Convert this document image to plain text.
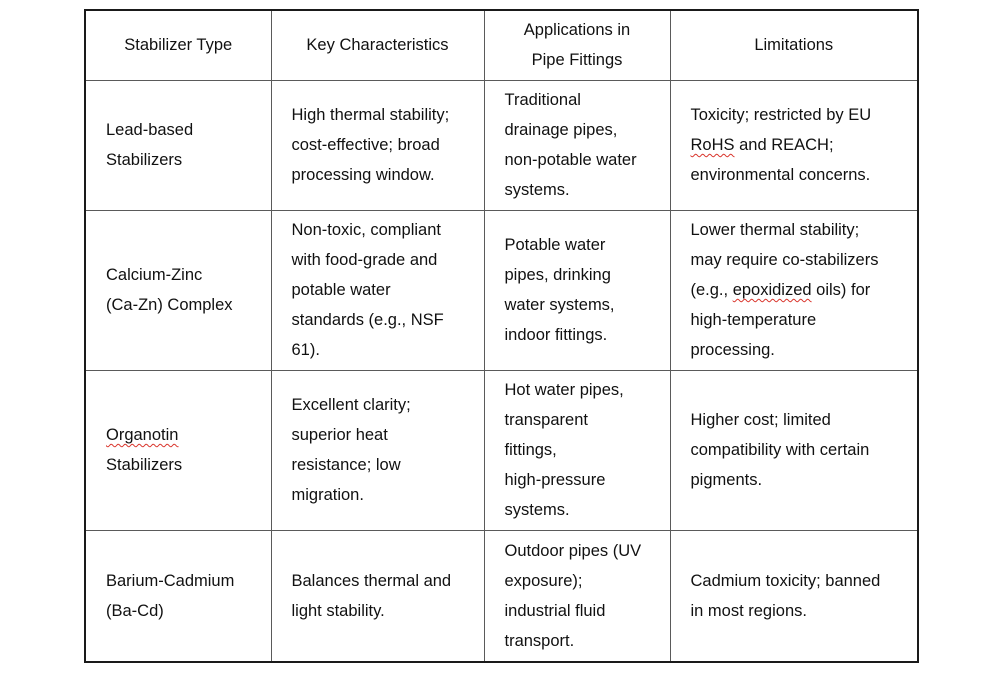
Stabilizer Type	Key Characteristics	Applications in
Pipe Fittings	Limitations

Lead-based
Stabilizers	High thermal stability;
cost-effective; broad
processing window.	Traditional
drainage pipes,
non-potable water
systems.	Toxicity; restricted by EU
RoHS and REACH;
environmental concerns.

Calcium-Zinc
(Ca-Zn) Complex	Non-toxic, compliant
with food-grade and
potable water
standards (e.g., NSF
61).	Potable water
pipes, drinking
water systems,
indoor fittings.	Lower thermal stability;
may require co-stabilizers
(e.g., epoxidized oils) for
high-temperature
processing.

Organotin
Stabilizers	Excellent clarity;
superior heat
resistance; low
migration.	Hot water pipes,
transparent
fittings,
high-pressure
systems.	Higher cost; limited
compatibility with certain
pigments.

Barium-Cadmium
(Ba-Cd)	Balances thermal and
light stability.	Outdoor pipes (UV
exposure);
industrial fluid
transport.	Cadmium toxicity; banned
in most regions.
